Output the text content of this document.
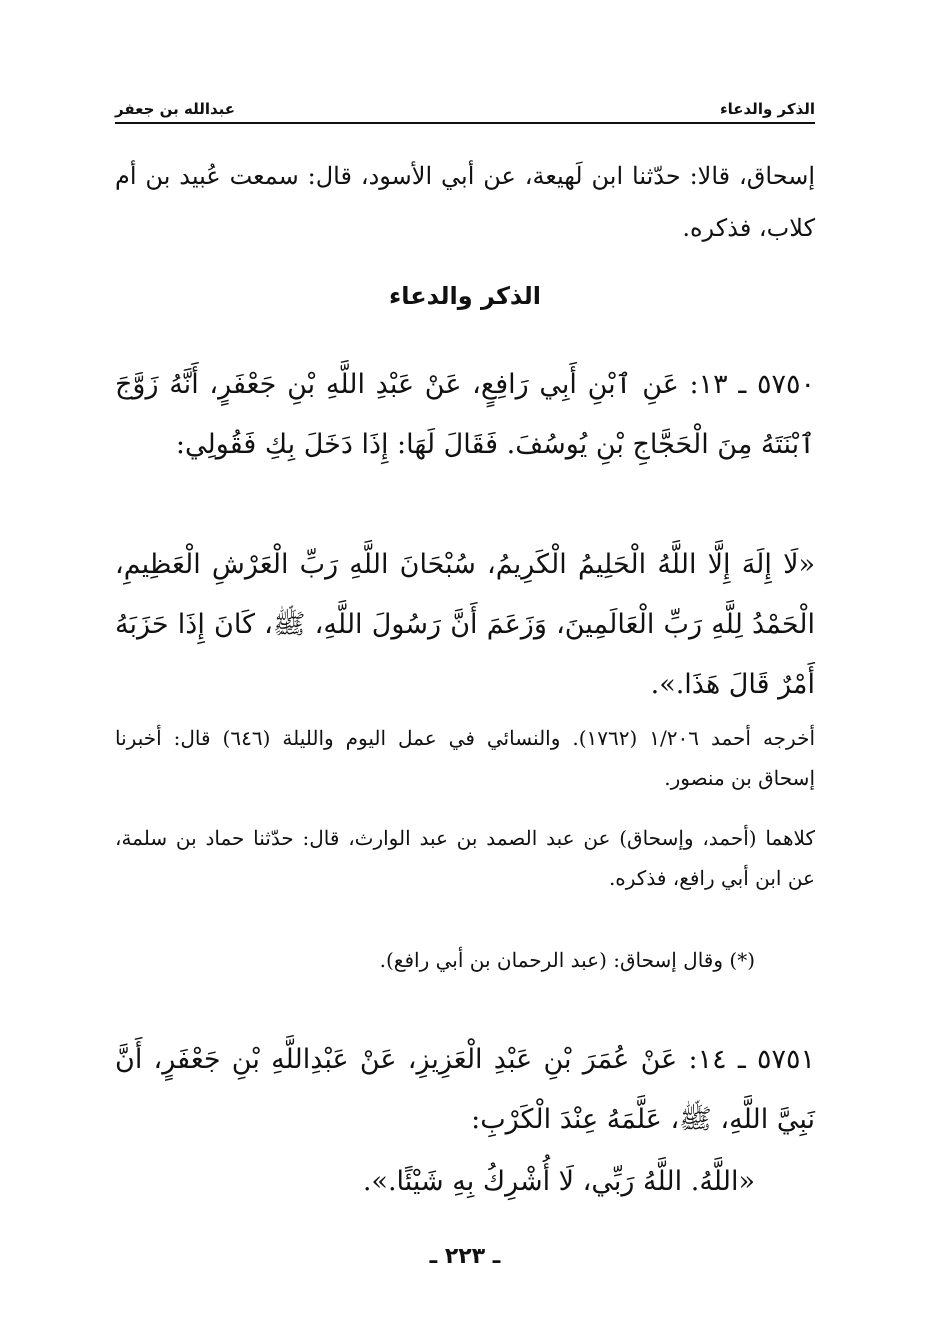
الذكر والدعاء
عبدالله بن جعفر
إسحاق، قالا: حدّثنا ابن لَهيعة، عن أبي الأسود، قال: سمعت عُبيد بن أم كلاب، فذكره.
الذكر والدعاء
٥٧٥٠ ـ ١٣: عَنِ ٱبْنِ أَبِي رَافِعٍ، عَنْ عَبْدِ اللَّهِ بْنِ جَعْفَرٍ، أَنَّهُ زَوَّجَ ٱبْنَتَهُ مِنَ الْحَجَّاجِ بْنِ يُوسُفَ. فَقَالَ لَهَا: إِذَا دَخَلَ بِكِ فَقُولِي:
«لَا إِلَهَ إِلَّا اللَّهُ الْحَلِيمُ الْكَرِيمُ، سُبْحَانَ اللَّهِ رَبِّ الْعَرْشِ الْعَظِيمِ، الْحَمْدُ لِلَّهِ رَبِّ الْعَالَمِينَ، وَزَعَمَ أَنَّ رَسُولَ اللَّهِ، ﷺ، كَانَ إِذَا حَزَبَهُ أَمْرٌ قَالَ هَذَا.».
أخرجه أحمد ١/٢٠٦ (١٧٦٢). والنسائي في عمل اليوم والليلة (٦٤٦) قال: أخبرنا إسحاق بن منصور.
كلاهما (أحمد، وإسحاق) عن عبد الصمد بن عبد الوارث، قال: حدّثنا حماد بن سلمة، عن ابن أبي رافع، فذكره.
(*) وقال إسحاق: (عبد الرحمان بن أبي رافع).
٥٧٥١ ـ ١٤: عَنْ عُمَرَ بْنِ عَبْدِ الْعَزِيزِ، عَنْ عَبْدِاللَّهِ بْنِ جَعْفَرٍ، أَنَّ نَبِيَّ اللَّهِ، ﷺ، عَلَّمَهُ عِنْدَ الْكَرْبِ:
«اللَّهُ. اللَّهُ رَبِّي، لَا أُشْرِكُ بِهِ شَيْئًا.».
ـ ٢٢٣ ـ
